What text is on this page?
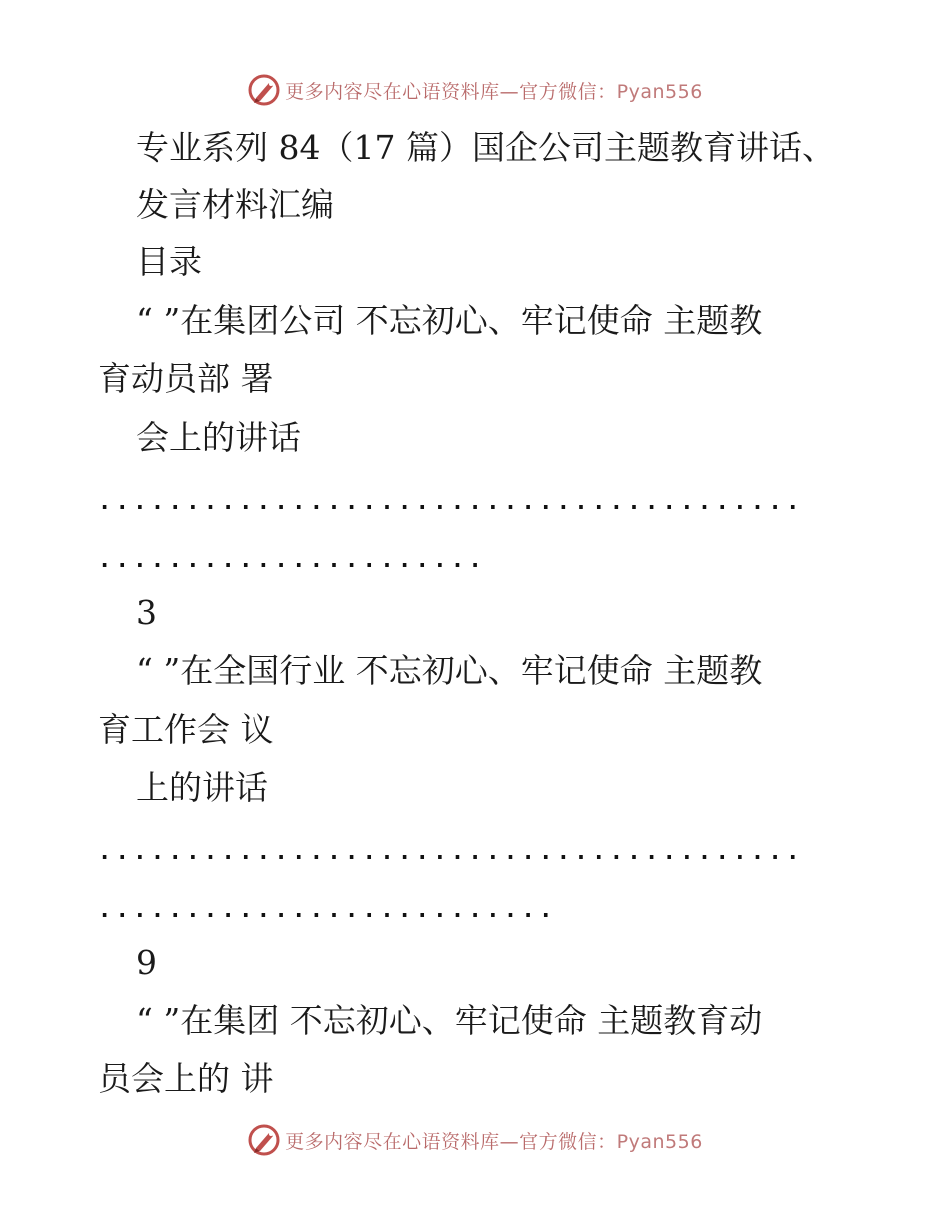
更多内容尽在心语资料库—官方微信：Pyan556
专业系列 84（17 篇）国企公司主题教育讲话、
发言材料汇编
目录
“ ”在集团公司 不忘初心、牢记使命 主题教
育动员部 署
会上的讲话
........................................
......................
3
“ ”在全国行业 不忘初心、牢记使命 主题教
育工作会 议
上的讲话
........................................
..........................
9
“ ”在集团 不忘初心、牢记使命 主题教育动
员会上的 讲
更多内容尽在心语资料库—官方微信：Pyan556
